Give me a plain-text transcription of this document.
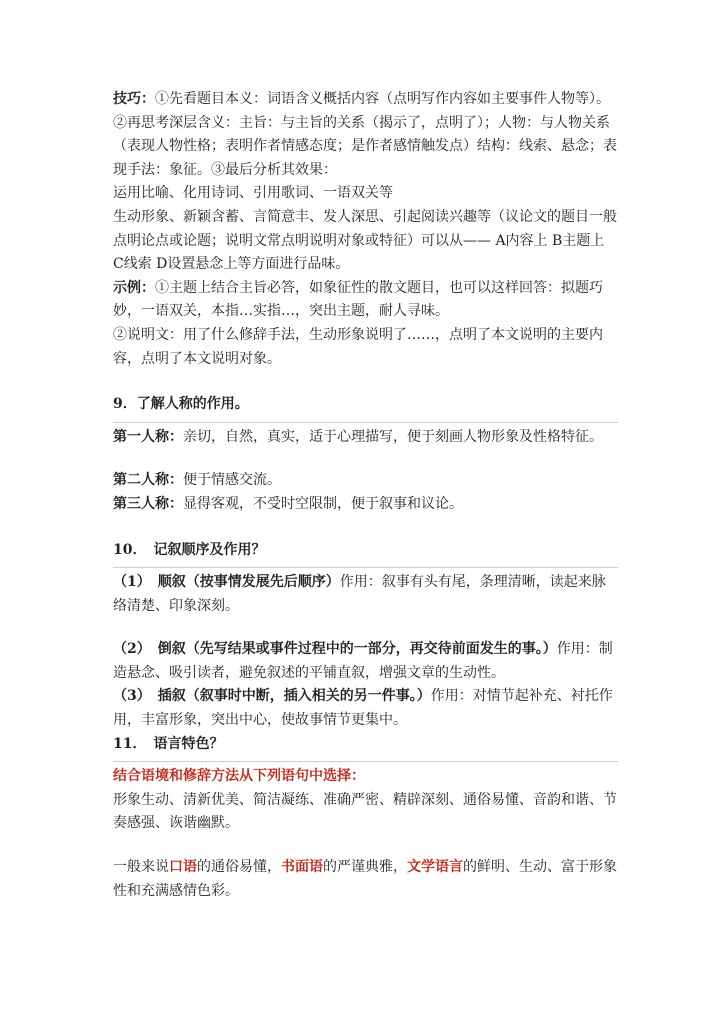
技巧：①先看题目本义：词语含义概括内容（点明写作内容如主要事件人物等）。②再思考深层含义：主旨：与主旨的关系（揭示了，点明了）；人物：与人物关系（表现人物性格；表明作者情感态度；是作者感情触发点）结构：线索、悬念；表现手法：象征。③最后分析其效果：

运用比喻、化用诗词、引用歌词、一语双关等

生动形象、新颖含蓄、言简意丰、发人深思、引起阅读兴趣等（议论文的题目一般点明论点或论题；说明文常点明说明对象或特征）可以从—— A内容上 B主题上 C线索 D设置悬念上等方面进行品味。

示例：①主题上结合主旨必答，如象征性的散文题目，也可以这样回答：拟题巧妙，一语双关，本指…实指…，突出主题，耐人寻味。

②说明文：用了什么修辞手法，生动形象说明了……，点明了本文说明的主要内容，点明了本文说明对象。

9．了解人称的作用。

第一人称：亲切，自然，真实，适于心理描写，便于刻画人物形象及性格特征。

第二人称：便于情感交流。

第三人称：显得客观，不受时空限制，便于叙事和议论。

10．　记叙顺序及作用？

（1）　顺叙（按事情发展先后顺序）作用：叙事有头有尾，条理清晰，读起来脉络清楚、印象深刻。

（2）　倒叙（先写结果或事件过程中的一部分，再交待前面发生的事。）作用：制造悬念、吸引读者，避免叙述的平铺直叙，增强文章的生动性。

（3）　插叙（叙事时中断，插入相关的另一件事。）作用：对情节起补充、衬托作用，丰富形象，突出中心，使故事情节更集中。

11．　语言特色？

结合语境和修辞方法从下列语句中选择：

形象生动、清新优美、简洁凝练、准确严密、精辟深刻、通俗易懂、音韵和谐、节奏感强、诙谐幽默。

一般来说口语的通俗易懂，书面语的严谨典雅，文学语言的鲜明、生动、富于形象性和充满感情色彩。
